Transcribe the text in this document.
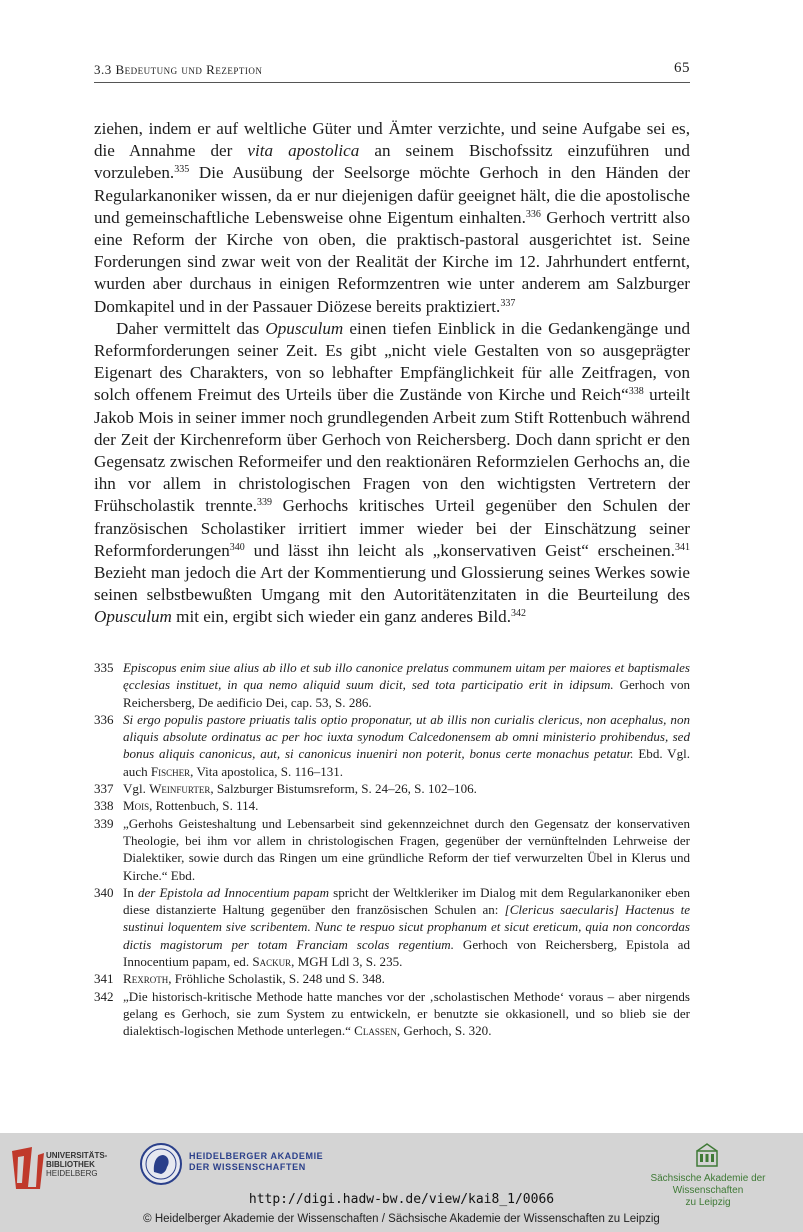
3.3 Bedeutung und Rezeption	65

ziehen, indem er auf weltliche Güter und Ämter verzichte, und seine Aufgabe sei es, die Annahme der vita apostolica an seinem Bischofssitz einzuführen und vorzuleben.$^{335}$ Die Ausübung der Seelsorge möchte Gerhoch in den Händen der Regularkanoniker wissen, da er nur diejenigen dafür geeignet hält, die die apostolische und gemeinschaftliche Lebensweise ohne Eigentum einhalten.$^{336}$ Gerhoch vertritt also eine Reform der Kirche von oben, die praktisch-pastoral ausgerichtet ist. Seine Forderungen sind zwar weit von der Realität der Kirche im 12. Jahrhundert entfernt, wurden aber durchaus in einigen Reformzentren wie unter anderem am Salzburger Domkapitel und in der Passauer Diözese bereits praktiziert.$^{337}$

Daher vermittelt das Opusculum einen tiefen Einblick in die Gedankengänge und Reformforderungen seiner Zeit. Es gibt „nicht viele Gestalten von so ausgeprägter Eigenart des Charakters, von so lebhafter Empfänglichkeit für alle Zeitfragen, von solch offenem Freimut des Urteils über die Zustände von Kirche und Reich“$^{338}$ urteilt Jakob Mois in seiner immer noch grundlegenden Arbeit zum Stift Rottenbuch während der Zeit der Kirchenreform über Gerhoch von Reichersberg. Doch dann spricht er den Gegensatz zwischen Reformeifer und den reaktionären Reformzielen Gerhochs an, die ihn vor allem in christologischen Fragen von den wichtigsten Vertretern der Frühscholastik trennte.$^{339}$ Gerhochs kritisches Urteil gegenüber den Schulen der französischen Scholastiker irritiert immer wieder bei der Einschätzung seiner Reformforderungen$^{340}$ und lässt ihn leicht als „konservativen Geist“ erscheinen.$^{341}$ Bezieht man jedoch die Art der Kommentierung und Glossierung seines Werkes sowie seinen selbstbewußten Umgang mit den Autoritätenzitaten in die Beurteilung des Opusculum mit ein, ergibt sich wieder ein ganz anderes Bild.$^{342}$

335 Episcopus enim siue alius ab illo et sub illo canonice prelatus communem uitam per maiores et baptismales ęcclesias instituet, in qua nemo aliquid suum dicit, sed tota participatio erit in idipsum. Gerhoch von Reichersberg, De aedificio Dei, cap. 53, S. 286.
336 Si ergo populis pastore priuatis talis optio proponatur, ut ab illis non curialis clericus, non acephalus, non aliquis absolute ordinatus ac per hoc iuxta synodum Calcedonensem ab omni ministerio prohibendus, sed bonus aliquis canonicus, aut, si canonicus inueniri non poterit, bonus certe monachus petatur. Ebd. Vgl. auch Fischer, Vita apostolica, S. 116–131.
337 Vgl. Weinfurter, Salzburger Bistumsreform, S. 24–26, S. 102–106.
338 Mois, Rottenbuch, S. 114.
339 „Gerhohs Geisteshaltung und Lebensarbeit sind gekennzeichnet durch den Gegensatz der konservativen Theologie, bei ihm vor allem in christologischen Fragen, gegenüber der vernünftelnden Lehrweise der Dialektiker, sowie durch das Ringen um eine gründliche Reform der tief verwurzelten Übel in Klerus und Kirche.“ Ebd.
340 In der Epistola ad Innocentium papam spricht der Weltkleriker im Dialog mit dem Regularkanoniker eben diese distanzierte Haltung gegenüber den französischen Schulen an: [Clericus saecularis] Hactenus te sustinui loquentem sive scribentem. Nunc te respuo sicut prophanum et sicut ereticum, quia non concordas dictis magistorum per totam Franciam scolas regentium. Gerhoch von Reichersberg, Epistola ad Innocentium papam, ed. Sackur, MGH Ldl 3, S. 235.
341 Rexroth, Fröhliche Scholastik, S. 248 und S. 348.
342 „Die historisch-kritische Methode hatte manches vor der ‚scholastischen Methode‘ voraus – aber nirgends gelang es Gerhoch, sie zum System zu entwickeln, er benutzte sie okkasionell, und so blieb sie der dialektisch-logischen Methode unterlegen.“ Classen, Gerhoch, S. 320.
UNIVERSITÄTS-
BIBLIOTHEK
HEIDELBERG
HEIDELBERGER AKADEMIE
DER WISSENSCHAFTEN
Sächsische Akademie der Wissenschaften
zu Leipzig
http://digi.hadw-bw.de/view/kai8_1/0066
© Heidelberger Akademie der Wissenschaften / Sächsische Akademie der Wissenschaften zu Leipzig
